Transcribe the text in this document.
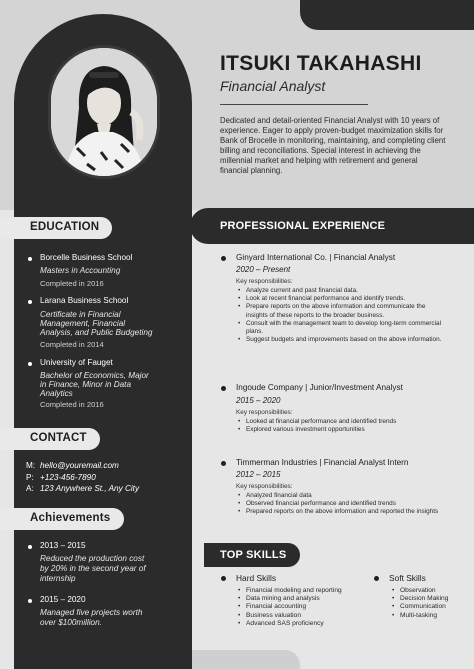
EDUCATION
Borcelle Business School
Masters in Accounting
Completed in 2016
Larana Business School
Certificate in Financial
Management, Financial
Analysis, and Public Budgeting
Completed in 2014
University of Fauget
Bachelor of Economics, Major
in Finance, Minor in Data
Analytics
Completed in 2016
CONTACT
M: hello@youremail.com
P: +123-456-7890
A: 123 Anywhere St., Any City
Achievements
2013 – 2015
Reduced the production cost
by 20% in the second year of
internship
2015 – 2020
Managed five projects worth
over $100million.
ITSUKI TAKAHASHI
Financial Analyst
Dedicated and detail-oriented Financial Analyst with 10 years of experience. Eager to apply proven-budget maximization skills for Bank of Brocelle in monitoring, maintaining, and completing client billing and reconciliations. Special interest in achieving the millennial market and helping with retirement and general financial planning.
PROFESSIONAL EXPERIENCE
Ginyard International Co. | Financial Analyst
2020 – Present
Key responsibilities:
• Analyze current and past financial data.
• Look at recent financial performance and identify trends.
• Prepare reports on the above information and communicate the insights of these reports to the broader business.
• Consult with the management team to develop long-term commercial plans.
• Suggest budgets and improvements based on the above information.
Ingoude Company | Junior/Investment Analyst
2015 – 2020
Key responsibilities:
• Looked at financial performance and identified trends
• Explored various investment opportunities
Timmerman Industries | Financial Analyst Intern
2012 – 2015
Key responsibilities:
• Analyzed financial data
• Observed financial performance and identified trends
• Prepared reports on the above information and reported the insights
TOP SKILLS
Hard Skills
• Financial modeling and reporting
• Data mining and analysis
• Financial accounting
• Business valuation
• Advanced SAS proficiency
Soft Skills
• Observation
• Decision Making
• Communication
• Multi-tasking
